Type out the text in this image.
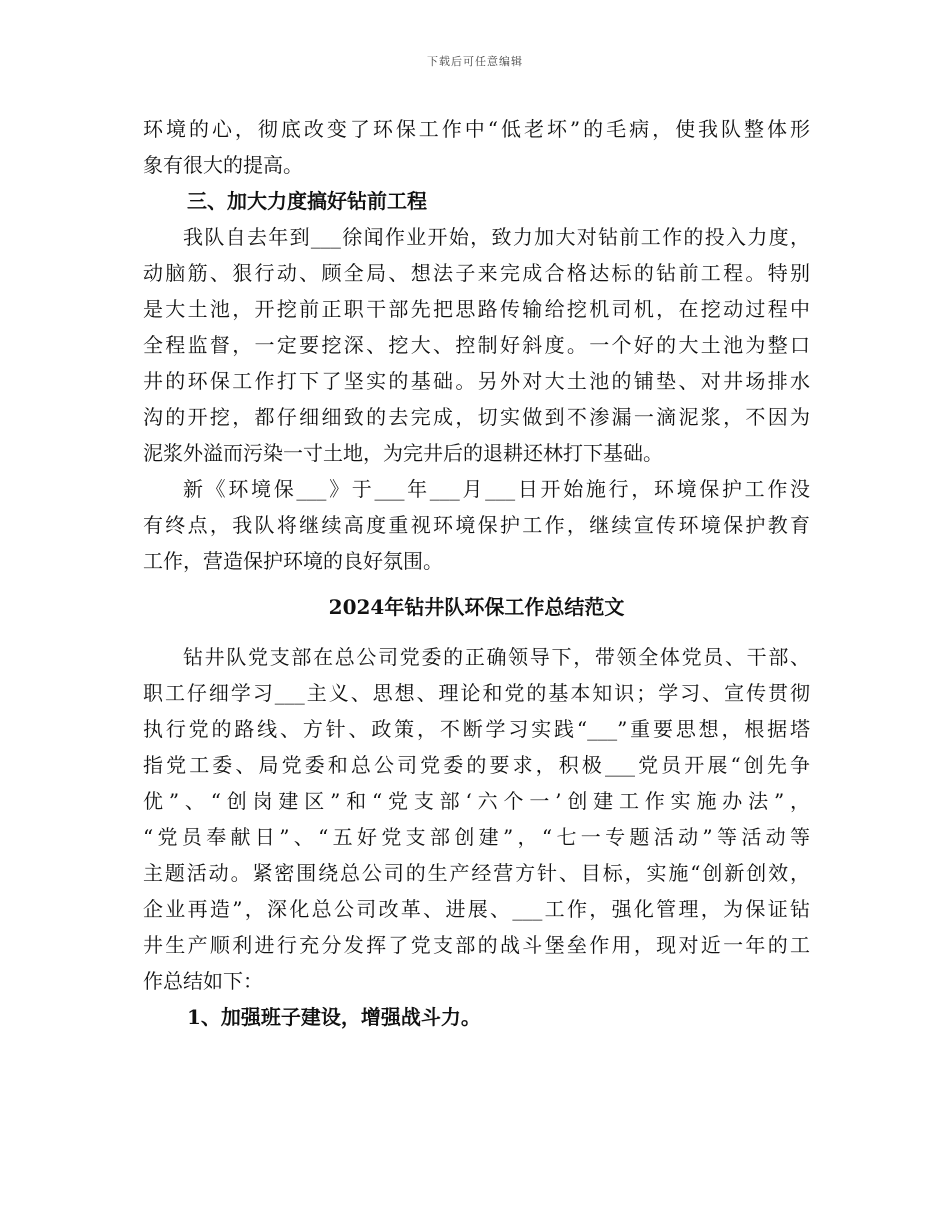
下载后可任意编辑
环境的心，彻底改变了环保工作中“低老坏”的毛病，使我队整体形
象有很大的提高。
三、加大力度搞好钻前工程
我队自去年到___徐闻作业开始，致力加大对钻前工作的投入力度，
动脑筋、狠行动、顾全局、想法子来完成合格达标的钻前工程。特别
是大土池，开挖前正职干部先把思路传输给挖机司机，在挖动过程中
全程监督，一定要挖深、挖大、控制好斜度。一个好的大土池为整口
井的环保工作打下了坚实的基础。另外对大土池的铺垫、对井场排水
沟的开挖，都仔细细致的去完成，切实做到不渗漏一滴泥浆，不因为
泥浆外溢而污染一寸土地，为完井后的退耕还林打下基础。
新《环境保___》于___年___月___日开始施行，环境保护工作没
有终点，我队将继续高度重视环境保护工作，继续宣传环境保护教育
工作，营造保护环境的良好氛围。
2024年钻井队环保工作总结范文
钻井队党支部在总公司党委的正确领导下，带领全体党员、干部、
职工仔细学习___主义、思想、理论和党的基本知识；学习、宣传贯彻
执行党的路线、方针、政策，不断学习实践“___”重要思想，根据塔
指党工委、局党委和总公司党委的要求，积极___党员开展“创先争
优”、“创岗建区”和“党支部‘六个一’创建工作实施办法”，
“党员奉献日”、“五好党支部创建”，“七一专题活动”等活动等
主题活动。紧密围绕总公司的生产经营方针、目标，实施“创新创效，
企业再造”，深化总公司改革、进展、___工作，强化管理，为保证钻
井生产顺利进行充分发挥了党支部的战斗堡垒作用，现对近一年的工
作总结如下：
1、加强班子建设，增强战斗力。
